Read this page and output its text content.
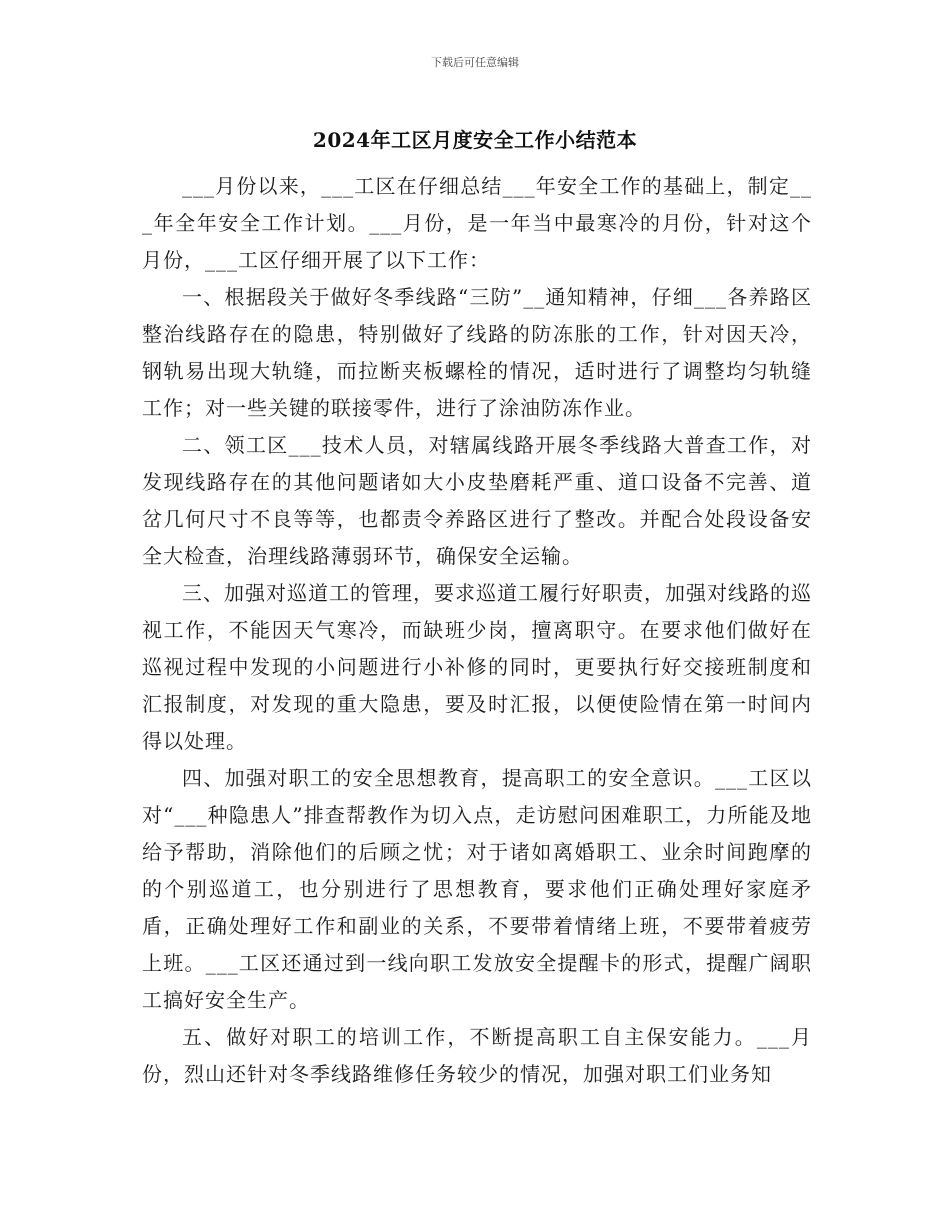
下载后可任意编辑
2024年工区月度安全工作小结范本

___月份以来，___工区在仔细总结___年安全工作的基础上，制定___年全年安全工作计划。___月份，是一年当中最寒冷的月份，针对这个月份，___工区仔细开展了以下工作：

一、根据段关于做好冬季线路“三防”__通知精神，仔细___各养路区整治线路存在的隐患，特别做好了线路的防冻胀的工作，针对因天冷，钢轨易出现大轨缝，而拉断夹板螺栓的情况，适时进行了调整均匀轨缝工作；对一些关键的联接零件，进行了涂油防冻作业。

二、领工区___技术人员，对辖属线路开展冬季线路大普查工作，对发现线路存在的其他问题诸如大小皮垫磨耗严重、道口设备不完善、道岔几何尺寸不良等等，也都责令养路区进行了整改。并配合处段设备安全大检查，治理线路薄弱环节，确保安全运输。

三、加强对巡道工的管理，要求巡道工履行好职责，加强对线路的巡视工作，不能因天气寒冷，而缺班少岗，擅离职守。在要求他们做好在巡视过程中发现的小问题进行小补修的同时，更要执行好交接班制度和汇报制度，对发现的重大隐患，要及时汇报，以便使险情在第一时间内得以处理。

四、加强对职工的安全思想教育，提高职工的安全意识。___工区以对“___种隐患人”排查帮教作为切入点，走访慰问困难职工，力所能及地给予帮助，消除他们的后顾之忧；对于诸如离婚职工、业余时间跑摩的的个别巡道工，也分别进行了思想教育，要求他们正确处理好家庭矛盾，正确处理好工作和副业的关系，不要带着情绪上班，不要带着疲劳上班。___工区还通过到一线向职工发放安全提醒卡的形式，提醒广阔职工搞好安全生产。

五、做好对职工的培训工作，不断提高职工自主保安能力。___月份，烈山还针对冬季线路维修任务较少的情况，加强对职工们业务知
